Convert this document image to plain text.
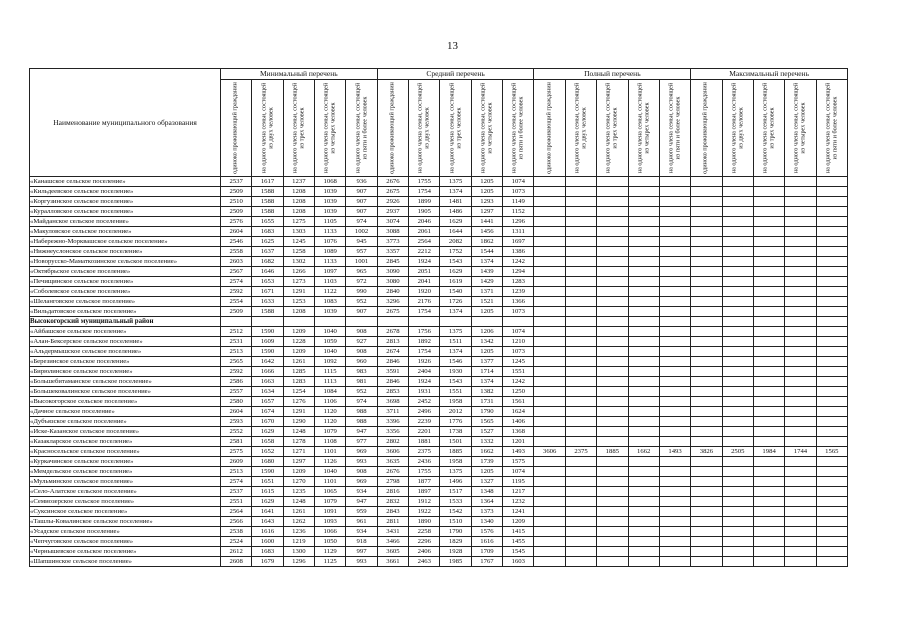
13
Наименование муниципального образования	Минимальный перечень					Средний перечень					Полный перечень					Максимальный перечень				

	одиноко проживающий гражданин	на одного члена семьи, состоящей из двух человек	на одного члена семьи, состоящей из трех человек	на одного члена семьи, состоящей из четырех человек	на одного члена семьи, состоящей из пяти и более человек	одиноко проживающий гражданин	на одного члена семьи, состоящей из двух человек	на одного члена семьи, состоящей из трех человек	на одного члена семьи, состоящей из четырех человек	на одного члена семьи, состоящей из пяти и более человек	одиноко проживающий гражданин	на одного члена семьи, состоящей из двух человек	на одного члена семьи, состоящей из трех человек	на одного члена семьи, состоящей из четырех человек	на одного члена семьи, состоящей из пяти и более человек	одиноко проживающий гражданин	на одного члена семьи, состоящей из двух человек	на одного члена семьи, состоящей из трех человек	на одного члена семьи, состоящей из четырех человек	на одного члена семьи, состоящей из пяти и более человек

«Канашское сельское поселение»	2537	1617	1237	1068	936	2676	1755	1375	1205	1074										
«Кильдеевское сельское поселение»	2509	1588	1208	1039	907	2675	1754	1374	1205	1073										
«Коргузинское сельское поселение»	2510	1588	1208	1039	907	2926	1899	1481	1293	1149										
«Куралловское сельское поселение»	2509	1588	1208	1039	907	2937	1905	1486	1297	1152										
«Майданское сельское поселение»	2576	1655	1275	1105	974	3074	2046	1629	1441	1296										
«Макуловское сельское поселение»	2604	1683	1303	1133	1002	3088	2061	1644	1456	1311										
«Набережно-Морквашское сельское поселение»	2546	1625	1245	1076	945	3773	2564	2082	1862	1697										
«Нижнеуслонское сельское поселение»	2558	1637	1258	1089	957	3357	2212	1752	1544	1386										
«Новорусско-Маматкозинское сельское поселение»	2603	1682	1302	1133	1001	2845	1924	1543	1374	1242										
«Октябрьское сельское поселение»	2567	1646	1266	1097	965	3090	2051	1629	1439	1294										
«Печищинское сельское поселение»	2574	1653	1273	1103	972	3080	2041	1619	1429	1283										
«Соболевское сельское поселение»	2592	1671	1291	1122	990	2840	1920	1540	1371	1239										
«Шеланговское сельское поселение»	2554	1633	1253	1083	952	3296	2176	1726	1521	1366										
«Вильдатовское сельское поселение»	2509	1588	1208	1039	907	2675	1754	1374	1205	1073										
Высокогорский муниципальный район																				
«Айбашское сельское поселение»	2512	1590	1209	1040	908	2678	1756	1375	1206	1074										
«Алан-Бексерское сельское поселение»	2531	1609	1228	1059	927	2813	1892	1511	1342	1210										
«Альдермышское сельское поселение»	2513	1590	1209	1040	908	2674	1754	1374	1205	1073										
«Березинское сельское поселение»	2565	1642	1261	1092	960	2846	1926	1546	1377	1245										
«Бирюлинское сельское поселение»	2592	1666	1285	1115	983	3591	2404	1930	1714	1551										
«Большебитаманское сельское поселение»	2586	1663	1283	1113	981	2846	1924	1543	1374	1242										
«Большековалинское сельское поселение»	2557	1634	1254	1084	952	2853	1931	1551	1382	1250										
«Высокогорское сельское поселение»	2580	1657	1276	1106	974	3698	2452	1958	1731	1561										
«Дачное сельское поселение»	2604	1674	1291	1120	988	3711	2496	2012	1790	1624										
«Дубъязское сельское поселение»	2593	1670	1290	1120	988	3396	2239	1776	1565	1406										
«Иске-Казанское сельское поселение»	2552	1629	1248	1079	947	3356	2201	1738	1527	1368										
«Казакларское сельское поселение»	2581	1658	1278	1108	977	2802	1881	1501	1332	1201										
«Красносельское сельское поселение»	2575	1652	1271	1101	969	3606	2375	1885	1662	1493	3606	2375	1885	1662	1493	3826	2505	1984	1744	1565
«Куркачинское сельское поселение»	2609	1680	1297	1126	993	3635	2436	1958	1739	1575										
«Мемдельское сельское поселение»	2513	1590	1209	1040	908	2676	1755	1375	1205	1074										
«Мульминское сельское поселение»	2574	1651	1270	1101	969	2798	1877	1496	1327	1195										
«Село-Алатское сельское поселение»	2537	1615	1235	1065	934	2816	1897	1517	1348	1217										
«Семиозерское сельское поселение»	2551	1629	1248	1079	947	2832	1912	1533	1364	1232										
«Суксинское сельское поселение»	2564	1641	1261	1091	959	2843	1922	1542	1373	1241										
«Ташлы-Ковалинское сельское поселение»	2566	1643	1262	1093	961	2811	1890	1510	1340	1209										
«Усадское сельское поселение»	2538	1616	1236	1066	934	3431	2258	1790	1576	1415										
«Чепчуговское сельское поселение»	2524	1600	1219	1050	918	3466	2296	1829	1616	1455										
«Чернышевское сельское поселение»	2612	1683	1300	1129	997	3605	2406	1928	1709	1545										
«Шапшинское сельское поселение»	2608	1679	1296	1125	993	3661	2463	1985	1767	1603										
